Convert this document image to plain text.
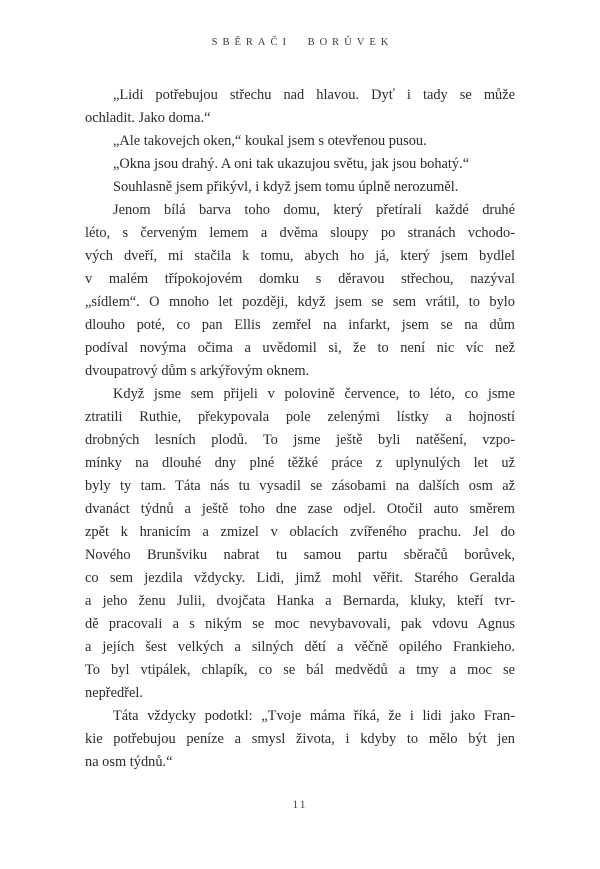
SBĚRAČI BORŮVEK
„Lidi potřebujou střechu nad hlavou. Dyť i tady se může
ochladit. Jako doma.“
„Ale takovejch oken,“ koukal jsem s otevřenou pusou.
„Okna jsou drahý. A oni tak ukazujou světu, jak jsou bohatý.“
Souhlasně jsem přikývl, i když jsem tomu úplně nerozuměl.
Jenom bílá barva toho domu, který přetírali každé druhé
léto, s červeným lemem a dvěma sloupy po stranách vchodo-
vých dveří, mi stačila k tomu, abych ho já, který jsem bydlel
v malém třípokojovém domku s děravou střechou, nazýval
„sídlem“. O mnoho let později, když jsem se sem vrátil, to bylo
dlouho poté, co pan Ellis zemřel na infarkt, jsem se na dům
podíval novýma očima a uvědomil si, že to není nic víc než
dvoupatrový dům s arkýřovým oknem.
Když jsme sem přijeli v polovině července, to léto, co jsme
ztratili Ruthie, překypovala pole zelenými lístky a hojností
drobných lesních plodů. To jsme ještě byli natěšení, vzpo-
mínky na dlouhé dny plné těžké práce z uplynulých let už
byly ty tam. Táta nás tu vysadil se zásobami na dalších osm až
dvanáct týdnů a ještě toho dne zase odjel. Otočil auto směrem
zpět k hranicím a zmizel v oblacích zvířeného prachu. Jel do
Nového Brunšviku nabrat tu samou partu sběračů borůvek,
co sem jezdila vždycky. Lidi, jimž mohl věřit. Starého Geralda
a jeho ženu Julii, dvojčata Hanka a Bernarda, kluky, kteří tvr-
dě pracovali a s nikým se moc nevybavovali, pak vdovu Agnus
a jejích šest velkých a silných dětí a věčně opilého Frankieho.
To byl vtipálek, chlapík, co se bál medvědů a tmy a moc se
nepředřel.
Táta vždycky podotkl: „Tvoje máma říká, že i lidi jako Fran-
kie potřebujou peníze a smysl života, i kdyby to mělo být jen
na osm týdnů.“
11
